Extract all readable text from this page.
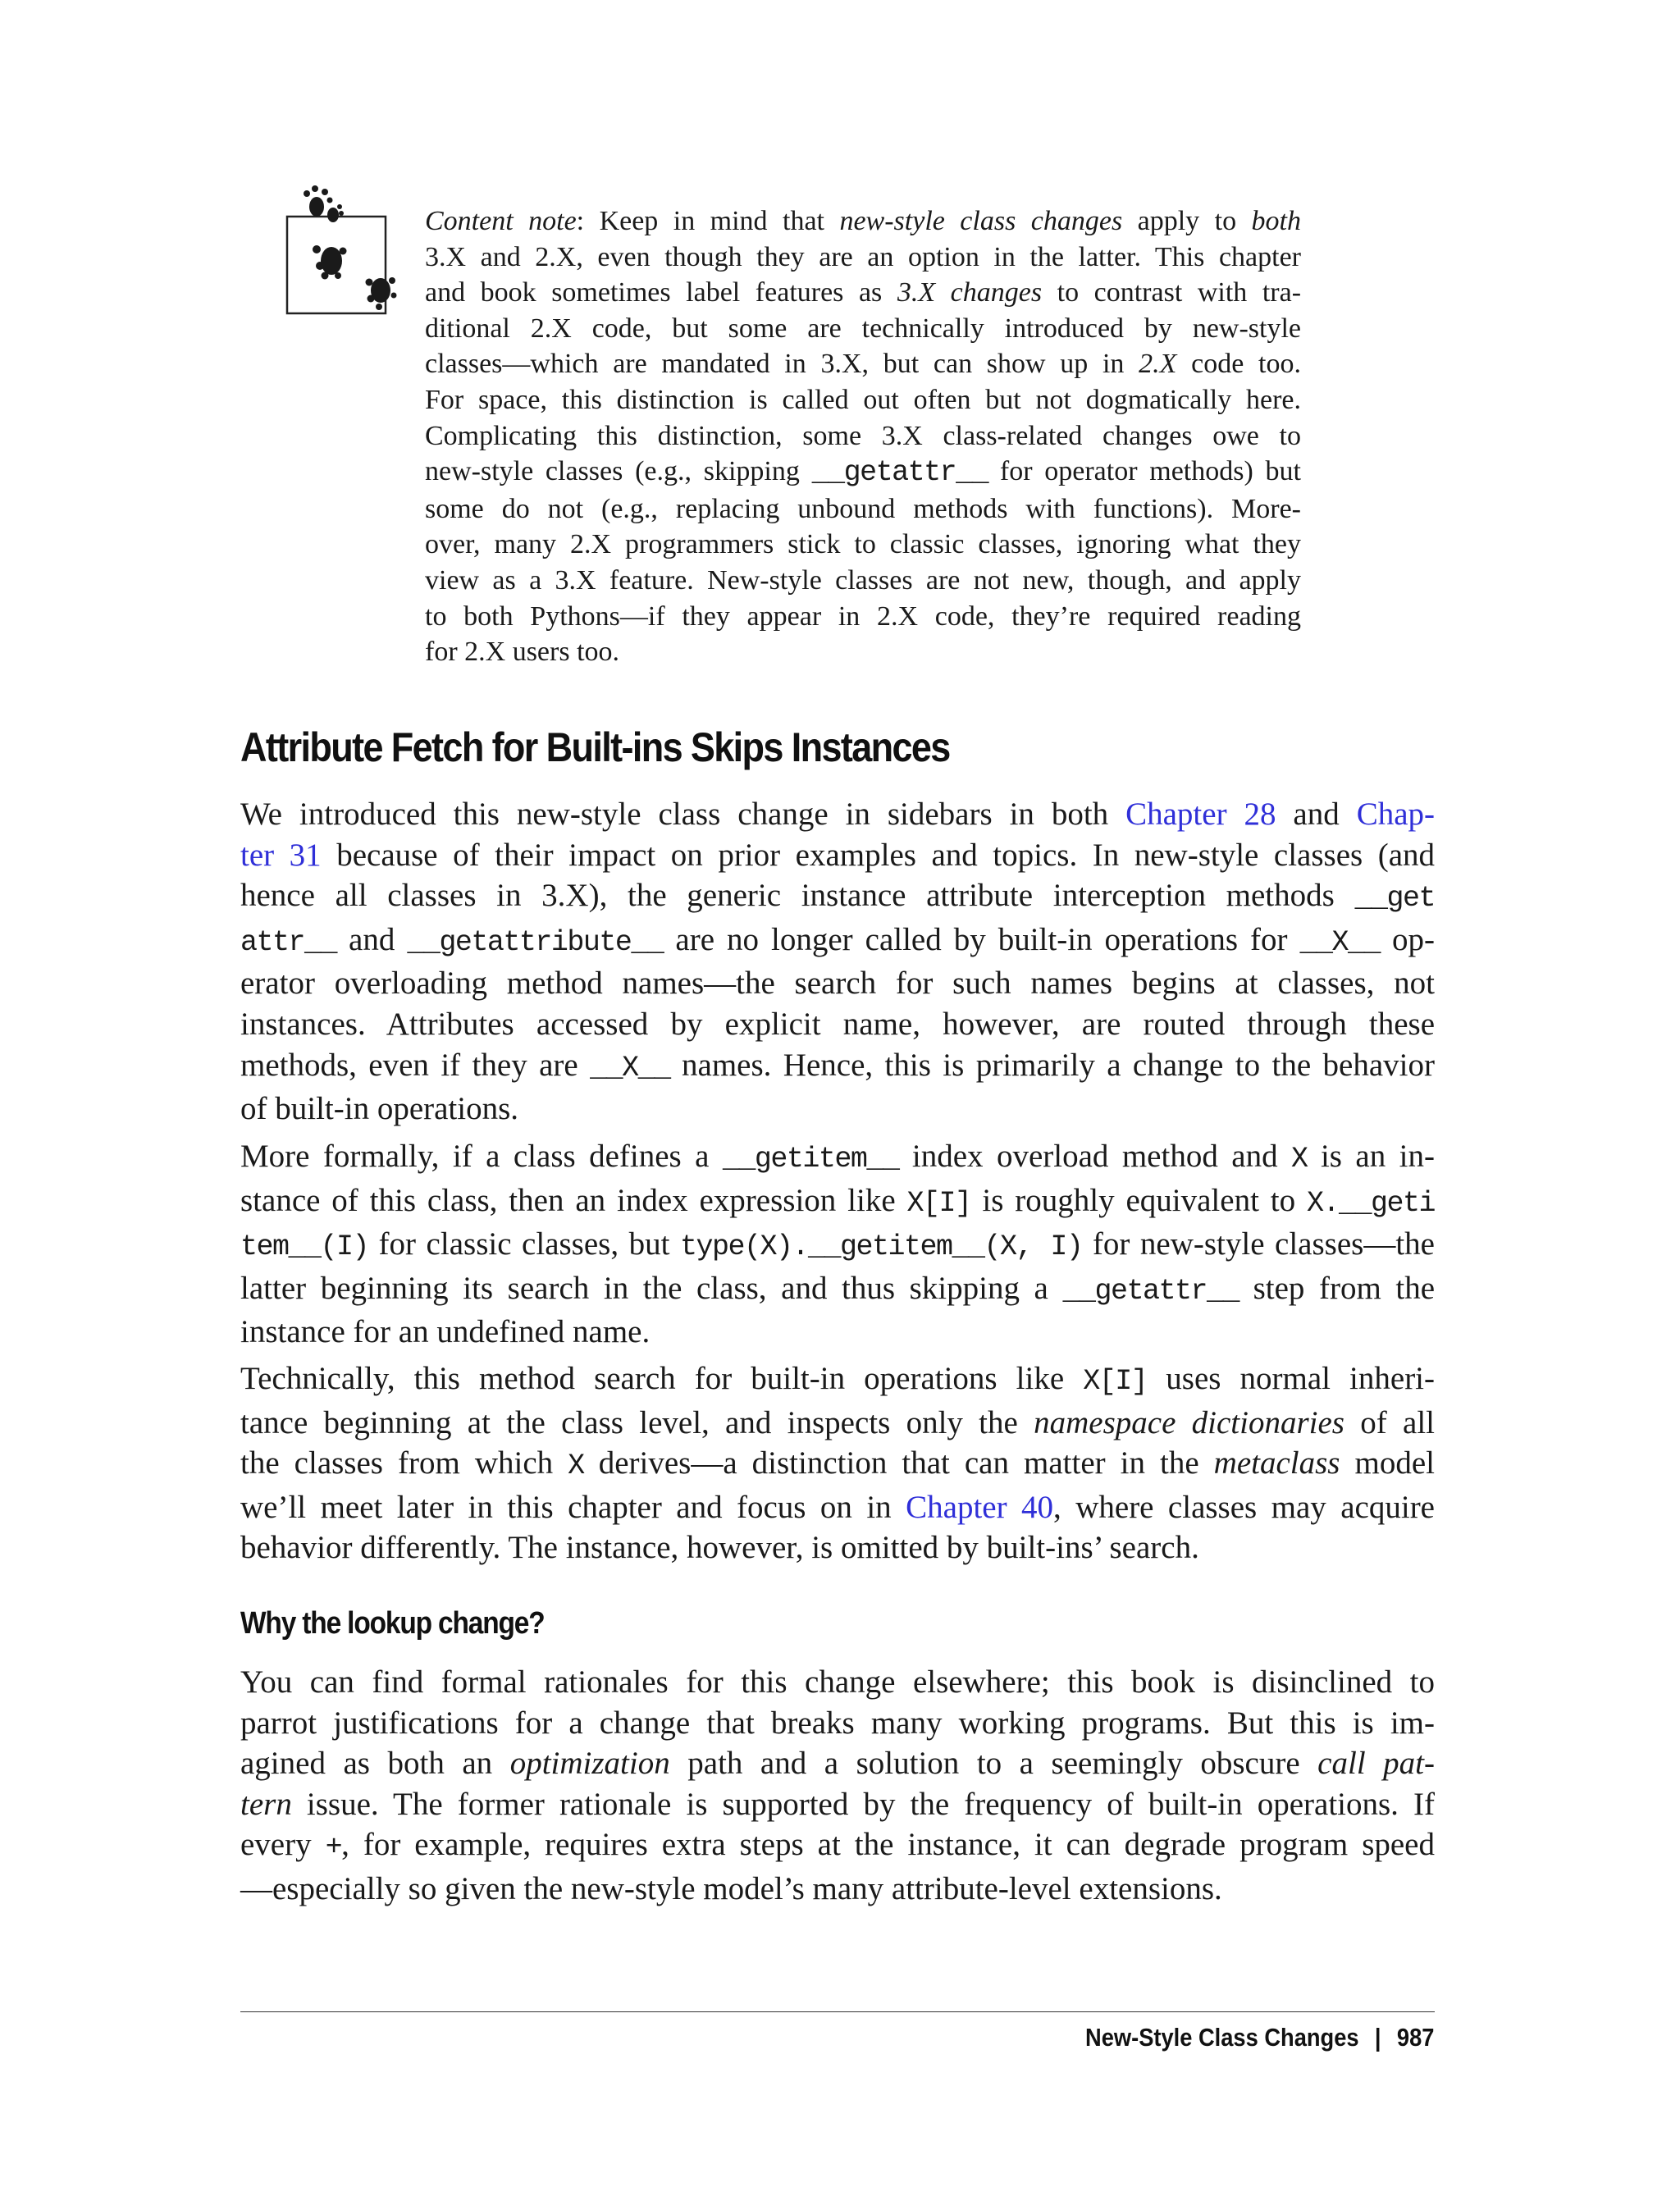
Content note: Keep in mind that new-style class changes apply to both
3.X and 2.X, even though they are an option in the latter. This chapter
and book sometimes label features as 3.X changes to contrast with tra-
ditional 2.X code, but some are technically introduced by new-style
classes—which are mandated in 3.X, but can show up in 2.X code too.
For space, this distinction is called out often but not dogmatically here.
Complicating this distinction, some 3.X class-related changes owe to
new-style classes (e.g., skipping __getattr__ for operator methods) but
some do not (e.g., replacing unbound methods with functions). More-
over, many 2.X programmers stick to classic classes, ignoring what they
view as a 3.X feature. New-style classes are not new, though, and apply
to both Pythons—if they appear in 2.X code, they’re required reading
for 2.X users too.
Attribute Fetch for Built-ins Skips Instances
We introduced this new-style class change in sidebars in both Chapter 28 and Chap-
ter 31 because of their impact on prior examples and topics. In new-style classes (and
hence all classes in 3.X), the generic instance attribute interception methods __get
attr__ and __getattribute__ are no longer called by built-in operations for __X__ op-
erator overloading method names—the search for such names begins at classes, not
instances. Attributes accessed by explicit name, however, are routed through these
methods, even if they are __X__ names. Hence, this is primarily a change to the behavior
of built-in operations.
More formally, if a class defines a __getitem__ index overload method and X is an in-
stance of this class, then an index expression like X[I] is roughly equivalent to X.__geti
tem__(I) for classic classes, but type(X).__getitem__(X, I) for new-style classes—the
latter beginning its search in the class, and thus skipping a __getattr__ step from the
instance for an undefined name.
Technically, this method search for built-in operations like X[I] uses normal inheri-
tance beginning at the class level, and inspects only the namespace dictionaries of all
the classes from which X derives—a distinction that can matter in the metaclass model
we’ll meet later in this chapter and focus on in Chapter 40, where classes may acquire
behavior differently. The instance, however, is omitted by built-ins’ search.
Why the lookup change?
You can find formal rationales for this change elsewhere; this book is disinclined to
parrot justifications for a change that breaks many working programs. But this is im-
agined as both an optimization path and a solution to a seemingly obscure call pat-
tern issue. The former rationale is supported by the frequency of built-in operations. If
every +, for example, requires extra steps at the instance, it can degrade program speed
—especially so given the new-style model’s many attribute-level extensions.
New-Style Class Changes | 987
